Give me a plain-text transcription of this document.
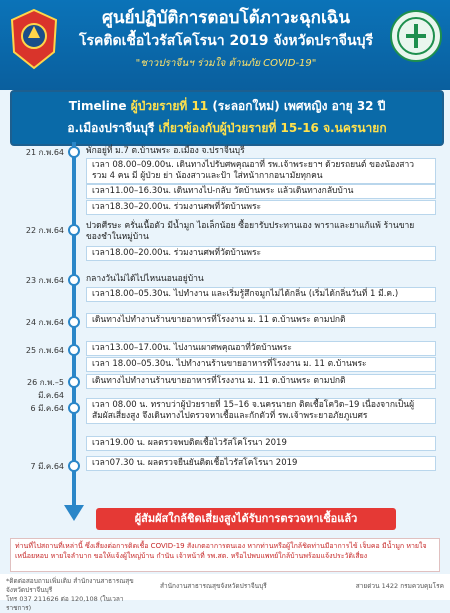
ศูนย์ปฏิบัติการตอบโต้ภาวะฉุกเฉิน
โรคติดเชื้อไวรัสโคโรนา 2019 จังหวัดปราจีนบุรี
"ชาวปราจีนฯ ร่วมใจ ต้านภัย COVID-19"
Timeline ผู้ป่วยรายที่ 11 (ระลอกใหม่) เพศหญิง อายุ 32 ปี
อ.เมืองปราจีนบุรี เกี่ยวข้องกับผู้ป่วยรายที่ 15-16 จ.นครนายก
21 ก.พ.64	พักอยู่ที่ ม.7 ต.บ้านพระ อ.เมือง จ.ปราจีนบุรี
เวลา 08.00–09.00น. เดินทางไปรับศพคุณอาที่ รพ.เจ้าพระยาฯ ด้วยรถยนต์ ของน้องสาว รวม 4 คน มี ผู้ป่วย ย่า น้องสาวและป้า ใส่หน้ากากอนามัยทุกคน
เวลา11.00–16.30น. เดินทางไป-กลับ วัดบ้านพระ แล้วเดินทางกลับบ้าน
เวลา18.30–20.00น. ร่วมงานศพที่วัดบ้านพระ
22 ก.พ.64	ปวดศีรษะ ครั่นเนื้อตัว มีน้ำมูก ไอเล็กน้อย ซื้อยารับประทานเอง พาราและยาแก้แพ้ ร้านขายของชำในหมู่บ้าน
เวลา18.00–20.00น. ร่วมงานศพที่วัดบ้านพระ
23 ก.พ.64	กลางวันไม่ได้ไปไหนนอนอยู่บ้าน
เวลา18.00–05.30น. ไปทำงาน และเริ่มรู้สึกจมูกไม่ได้กลิ่น (เริ่มได้กลิ่นวันที่ 1 มี.ค.)
24 ก.พ.64	เดินทางไปทำงานร้านขายอาหารที่โรงงาน ม. 11 ต.บ้านพระ ตามปกติ
25 ก.พ.64	เวลา13.00–17.00น. ไปงานเผาศพคุณอาที่วัดบ้านพระ
เวลา 18.00–05.30น. ไปทำงานร้านขายอาหารที่โรงงาน ม. 11 ต.บ้านพระ
26 ก.พ.–5 มี.ค.64
เดินทางไปทำงานร้านขายอาหารที่โรงงาน ม. 11 ต.บ้านพระ ตามปกติ
6 มี.ค.64	เวลา 08.00 น. ทราบว่าผู้ป่วยรายที่ 15–16 จ.นครนายก ติดเชื้อโควิด–19 เนื่องจากเป็นผู้สัมผัสเสี่ยงสูง จึงเดินทางไปตรวจหาเชื้อและกักตัวที่ รพ.เจ้าพระยาอภัยภูเบศร
เวลา19.00 น. ผลตรวจพบติดเชื้อไวรัสโคโรนา 2019
7 มี.ค.64	เวลา07.30 น. ผลตรวจยืนยันติดเชื้อไวรัสโคโรนา 2019
ผู้สัมผัสใกล้ชิดเสี่ยงสูงได้รับการตรวจหาเชื้อแล้ว
ท่านที่ไปสถานที่เหล่านี้ ซึ่งเสี่ยงต่อการติดเชื้อ COVID-19 สังเกตอาการตนเอง หากท่านหรือผู้ใกล้ชิดท่านมีอาการไข้ เจ็บคอ มีน้ำมูก หายใจเหนื่อยหอบ หายใจลำบาก ขอให้แจ้งผู้ใหญ่บ้าน กำนัน เจ้าหน้าที่ รพ.สต. หรือไปพบแพทย์ใกล้บ้านพร้อมแจ้งประวัติเสี่ยง
*ติดต่อสอบถามเพิ่มเติม สำนักงานสาธารณสุขจังหวัดปราจีนบุรี
โทร 037 211626 ต่อ 120,108 (ในเวลาราชการ)
สำนักงานสาธารณสุขจังหวัดปราจีนบุรี	สายด่วน 1422 กรมควบคุมโรค
